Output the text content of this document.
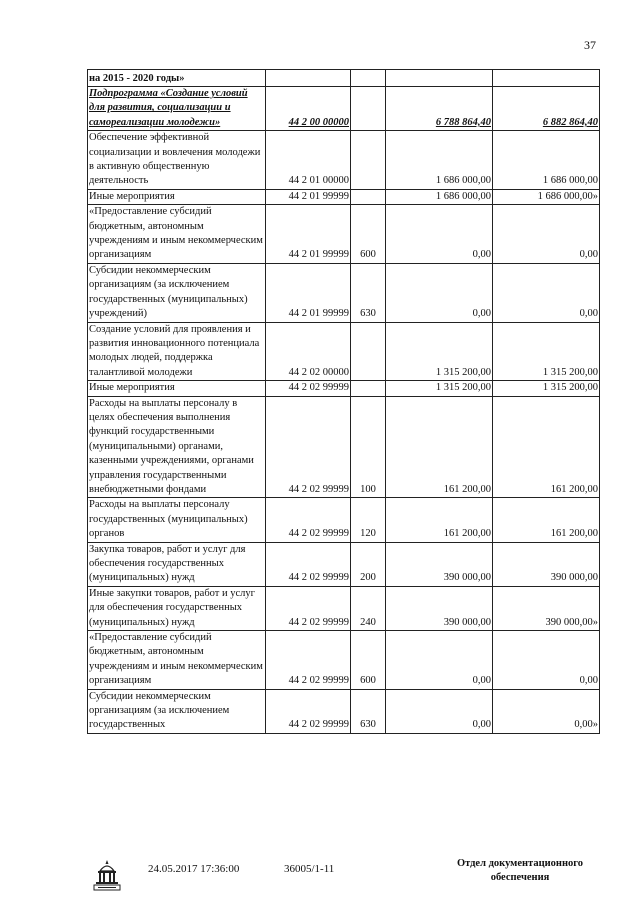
37
на 2015 - 2020 годы»				
Подпрограмма «Создание условий для развития, социализации и самореализации молодежи»	44 2 00 00000		6 788 864,40	6 882 864,40
Обеспечение эффективной социализации и вовлечения молодежи в активную общественную деятельность	44 2 01 00000		1 686 000,00	1 686 000,00
Иные мероприятия	44 2 01 99999		1 686 000,00	1 686 000,00»
«Предоставление субсидий бюджетным, автономным учреждениям и иным некоммерческим организациям	44 2 01 99999	600	0,00	0,00
Субсидии некоммерческим организациям (за исключением государственных (муниципальных) учреждений)	44 2 01 99999	630	0,00	0,00
Создание условий для проявления и развития инновационного потенциала молодых людей, поддержка талантливой молодежи	44 2 02 00000		1 315 200,00	1 315 200,00
Иные мероприятия	44 2 02 99999		1 315 200,00	1 315 200,00
Расходы на выплаты персоналу в целях обеспечения выполнения функций государственными (муниципальными) органами, казенными учреждениями, органами управления государственными внебюджетными фондами	44 2 02 99999	100	161 200,00	161 200,00
Расходы на выплаты персоналу государственных (муниципальных) органов	44 2 02 99999	120	161 200,00	161 200,00
Закупка товаров, работ и услуг для обеспечения государственных (муниципальных) нужд	44 2 02 99999	200	390 000,00	390 000,00
Иные закупки товаров, работ и услуг для обеспечения государственных (муниципальных) нужд	44 2 02 99999	240	390 000,00	390 000,00»
«Предоставление субсидий бюджетным, автономным учреждениям и иным некоммерческим организациям	44 2 02 99999	600	0,00	0,00
Субсидии некоммерческим организациям (за исключением государственных	44 2 02 99999	630	0,00	0,00»
24.05.2017 17:36:00	36005/1-11	Отдел документационного обеспечения
